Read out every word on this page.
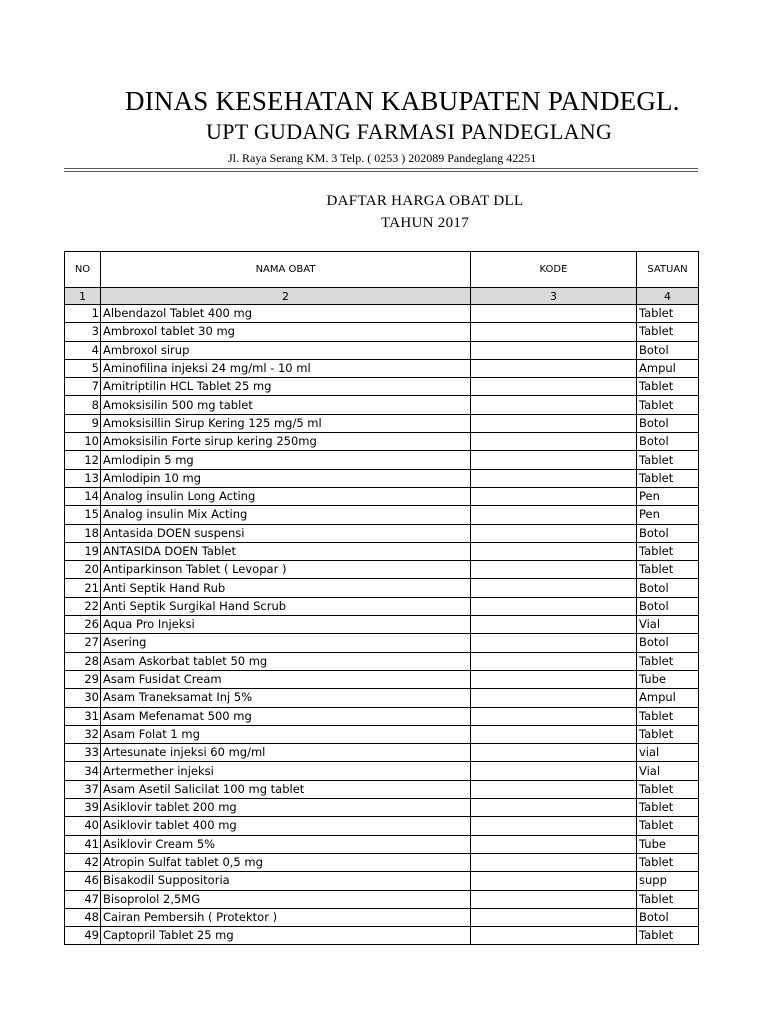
DINAS KESEHATAN KABUPATEN PANDEGL.
UPT GUDANG FARMASI PANDEGLANG
Jl. Raya Serang KM. 3 Telp. ( 0253 ) 202089 Pandeglang 42251
DAFTAR HARGA OBAT DLL
TAHUN 2017
NO	NAMA OBAT	KODE	SATUAN
1	2	3	4
1	Albendazol Tablet 400 mg		Tablet
3	Ambroxol tablet 30 mg		Tablet
4	Ambroxol sirup		Botol
5	Aminofilina injeksi 24 mg/ml - 10 ml		Ampul
7	Amitriptilin HCL Tablet 25 mg		Tablet
8	Amoksisilin 500 mg tablet		Tablet
9	Amoksisillin Sirup Kering 125 mg/5 ml		Botol
10	Amoksisilin Forte sirup kering 250mg		Botol
12	Amlodipin 5 mg		Tablet
13	Amlodipin 10 mg		Tablet
14	Analog insulin Long Acting		Pen
15	Analog insulin Mix Acting		Pen
18	Antasida DOEN suspensi		Botol
19	ANTASIDA DOEN Tablet		Tablet
20	Antiparkinson Tablet ( Levopar )		Tablet
21	Anti Septik Hand Rub		Botol
22	Anti Septik Surgikal Hand Scrub		Botol
26	Aqua Pro Injeksi		Vial
27	Asering		Botol
28	Asam Askorbat tablet 50 mg		Tablet
29	Asam Fusidat Cream		Tube
30	Asam Traneksamat Inj 5%		Ampul
31	Asam Mefenamat 500 mg		Tablet
32	Asam Folat 1 mg		Tablet
33	Artesunate injeksi 60 mg/ml		vial
34	Artermether injeksi		Vial
37	Asam Asetil Salicilat 100 mg tablet		Tablet
39	Asiklovir tablet 200 mg		Tablet
40	Asiklovir tablet 400 mg		Tablet
41	Asiklovir Cream 5%		Tube
42	Atropin Sulfat tablet 0,5 mg		Tablet
46	Bisakodil Suppositoria		supp
47	Bisoprolol 2,5MG		Tablet
48	Cairan Pembersih ( Protektor )		Botol
49	Captopril Tablet 25 mg		Tablet
